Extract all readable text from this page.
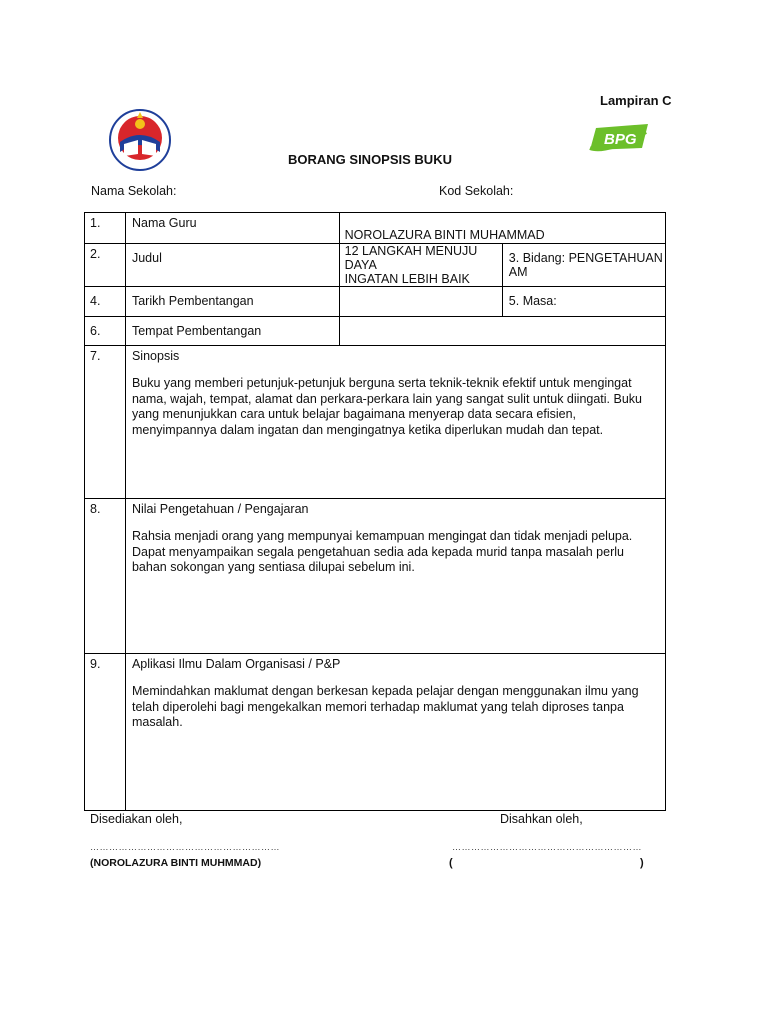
Lampiran C
BPG
BORANG SINOPSIS BUKU
Nama Sekolah:	Kod Sekolah:
1.	Nama Guru	NOROLAZURA BINTI MUHAMMAD	

2.	Judul	12 LANGKAH MENUJU DAYA
INGATAN LEBIH BAIK	3. Bidang: PENGETAHUAN AM
4.	Tarikh Pembentangan		5. Masa:
6.	Tempat Pembentangan		
7.	Sinopsis
Buku yang memberi petunjuk-petunjuk berguna serta teknik-teknik efektif untuk mengingat nama, wajah, tempat, alamat dan perkara-perkara lain yang sangat sulit untuk diingati. Buku yang menunjukkan cara untuk belajar bagaimana menyerap data secara efisien, menyimpannya dalam ingatan dan mengingatnya ketika diperlukan mudah dan tepat.		

8.	Nilai Pengetahuan / Pengajaran
Rahsia menjadi orang yang mempunyai kemampuan mengingat dan tidak menjadi pelupa. Dapat menyampaikan segala pengetahuan sedia ada kepada murid tanpa masalah perlu bahan sokongan yang sentiasa dilupai sebelum ini.		

9.	Aplikasi Ilmu Dalam Organisasi / P&P
Memindahkan maklumat dengan berkesan kepada pelajar dengan menggunakan ilmu yang telah diperolehi bagi mengekalkan memori terhadap maklumat yang telah diproses tanpa masalah.		
Disediakan oleh,	Disahkan oleh,
……………………………………………………	……………………………………………………
(NOROLAZURA BINTI MUHMMAD)	(	)
